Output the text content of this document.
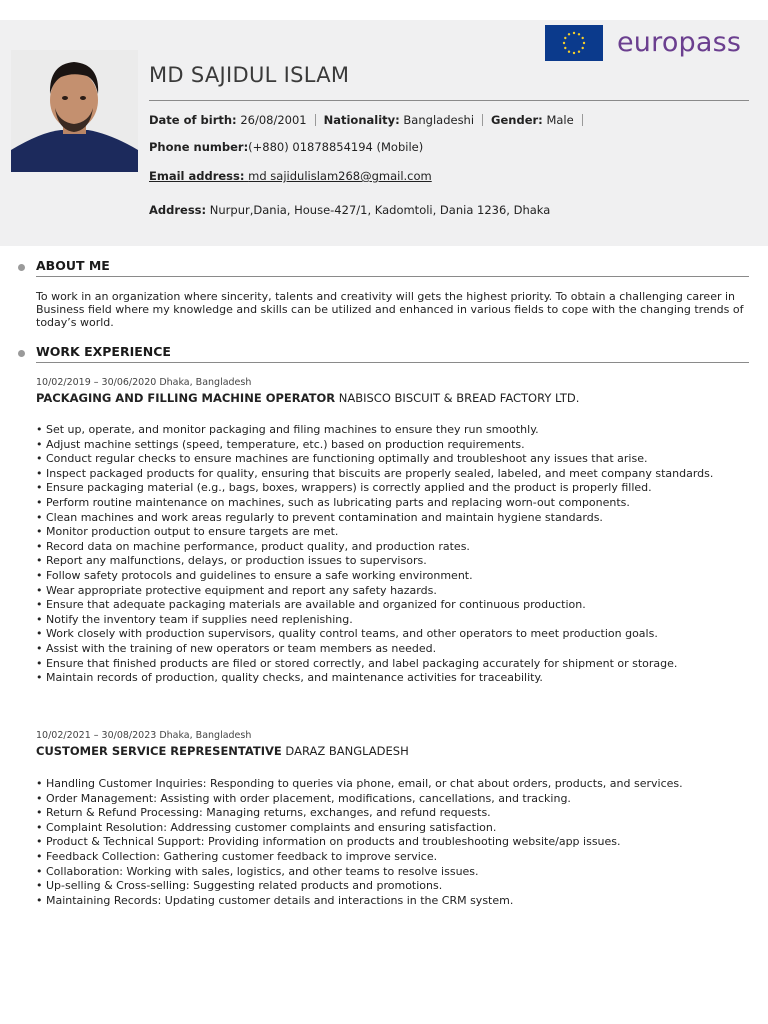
europass
MD SAJIDUL ISLAM
Date of birth: 26/08/2001 Nationality: Bangladeshi Gender: Male
Phone number:(+880) 01878854194 (Mobile)
Email address: md sajidulislam268@gmail.com
Address: Nurpur,Dania, House-427/1, Kadomtoli, Dania 1236, Dhaka
ABOUT ME
To work in an organization where sincerity, talents and creativity will gets the highest priority. To obtain a challenging career in Business field where my knowledge and skills can be utilized and enhanced in various fields to cope with the changing trends of today’s world.
WORK EXPERIENCE
10/02/2019 – 30/06/2020 Dhaka, Bangladesh
PACKAGING AND FILLING MACHINE OPERATOR NABISCO BISCUIT & BREAD FACTORY LTD.
• Set up, operate, and monitor packaging and filing machines to ensure they run smoothly.
• Adjust machine settings (speed, temperature, etc.) based on production requirements.
• Conduct regular checks to ensure machines are functioning optimally and troubleshoot any issues that arise.
• Inspect packaged products for quality, ensuring that biscuits are properly sealed, labeled, and meet company standards.
• Ensure packaging material (e.g., bags, boxes, wrappers) is correctly applied and the product is properly filled.
• Perform routine maintenance on machines, such as lubricating parts and replacing worn-out components.
• Clean machines and work areas regularly to prevent contamination and maintain hygiene standards.
• Monitor production output to ensure targets are met.
• Record data on machine performance, product quality, and production rates.
• Report any malfunctions, delays, or production issues to supervisors.
• Follow safety protocols and guidelines to ensure a safe working environment.
• Wear appropriate protective equipment and report any safety hazards.
• Ensure that adequate packaging materials are available and organized for continuous production.
• Notify the inventory team if supplies need replenishing.
• Work closely with production supervisors, quality control teams, and other operators to meet production goals.
• Assist with the training of new operators or team members as needed.
• Ensure that finished products are filed or stored correctly, and label packaging accurately for shipment or storage.
• Maintain records of production, quality checks, and maintenance activities for traceability.
10/02/2021 – 30/08/2023 Dhaka, Bangladesh
CUSTOMER SERVICE REPRESENTATIVE DARAZ BANGLADESH
• Handling Customer Inquiries: Responding to queries via phone, email, or chat about orders, products, and services.
• Order Management: Assisting with order placement, modifications, cancellations, and tracking.
• Return & Refund Processing: Managing returns, exchanges, and refund requests.
• Complaint Resolution: Addressing customer complaints and ensuring satisfaction.
• Product & Technical Support: Providing information on products and troubleshooting website/app issues.
• Feedback Collection: Gathering customer feedback to improve service.
• Collaboration: Working with sales, logistics, and other teams to resolve issues.
• Up-selling & Cross-selling: Suggesting related products and promotions.
• Maintaining Records: Updating customer details and interactions in the CRM system.
